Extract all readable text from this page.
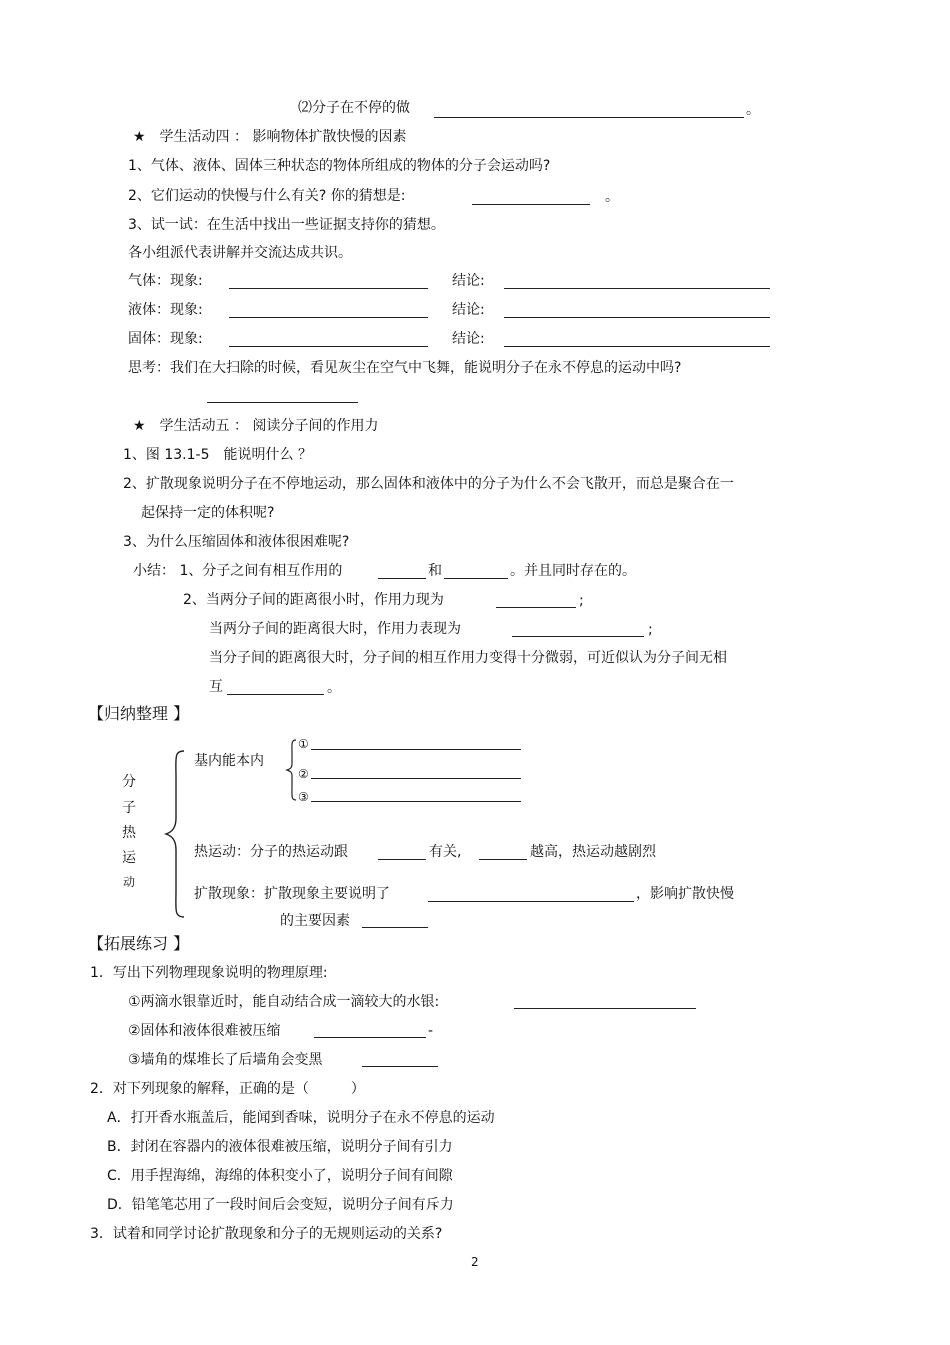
⑵分子在不停的做	。
★　学生活动四 ： 影响物体扩散快慢的因素
1、气体、液体、固体三种状态的物体所组成的物体的分子会运动吗?
2、它们运动的快慢与什么有关? 你的猜想是:	。
3、试一试：在生活中找出一些证据支持你的猜想。
各小组派代表讲解并交流达成共识。
气体：现象:	结论:
液体：现象:	结论:
固体：现象:	结论:
思考：我们在大扫除的时候，看见灰尘在空气中飞舞，能说明分子在永不停息的运动中吗?
★　学生活动五 ： 阅读分子间的作用力
1、图 13.1-5　能说明什么 ？
2、扩散现象说明分子在不停地运动，那么固体和液体中的分子为什么不会飞散开，而总是聚合在一
起保持一定的体积呢?
3、为什么压缩固体和液体很困难呢?
小结： 1、分子之间有相互作用的	和	。并且同时存在的。
2、当两分子间的距离很小时，作用力现为	;
当两分子间的距离很大时，作用力表现为	;
当分子间的距离很大时，分子间的相互作用力变得十分微弱，可近似认为分子间无相
互	。
【归纳整理 】
分
子
热
运
动
基内能本内
①
②
③
热运动：分子的热运动跟	有关,	越高，热运动越剧烈
扩散现象：扩散现象主要说明了	，影响扩散快慢
的主要因素
【拓展练习 】
1．写出下列物理现象说明的物理原理:
①两滴水银靠近时，能自动结合成一滴较大的水银:
②固体和液体很难被压缩	-
③墙角的煤堆长了后墙角会变黑
2．对下列现象的解释，正确的是（　　　）
A．打开香水瓶盖后，能闻到香味，说明分子在永不停息的运动
B．封闭在容器内的液体很难被压缩，说明分子间有引力
C．用手捏海绵，海绵的体积变小了，说明分子间有间隙
D．铅笔笔芯用了一段时间后会变短，说明分子间有斥力
3．试着和同学讨论扩散现象和分子的无规则运动的关系?
2
